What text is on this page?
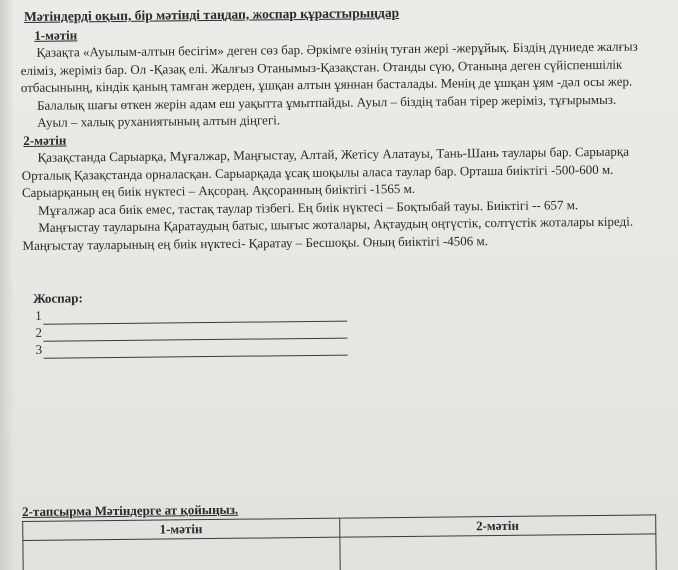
Мәтіндерді оқып, бір мәтінді таңдап, жоспар құрастырыңдар
1-мәтін

Қазақта «Ауылым-алтын бесігім» деген сөз бар. Әркімге өзінің туған жері -жерұйық. Біздің дүниеде жалғыз еліміз, жеріміз бар. Ол -Қазақ елі. Жалғыз Отанымыз-Қазақстан. Отанды сүю, Отаныңа деген сүйіспеншілік отбасынынң, кіндік қаның тамған жерден, ұшқан алтын ұяннан басталады. Менің де ұшқан ұям -дәл осы жер.

Балалық шағы өткен жерін адам еш уақытта ұмытпайды. Ауыл – біздің табан тірер жеріміз, тұғырымыз.

Ауыл – халық руханиятының алтын діңгегі.

2-мәтін

Қазақстанда Сарыарқа, Мұғалжар, Маңғыстау, Алтай, Жетісу Алатауы, Тань-Шань таулары бар. Сарыарқа Орталық Қазақстанда орналасқан. Сарыарқада ұсақ шоқылы аласа таулар бар. Орташа биіктігі -500-600 м. Сарыарқаның ең биік нүктесі – Ақсораң. Ақсоранның биіктігі -1565 м.

Мұғалжар аса биік емес, тастақ таулар тізбегі. Ең биік нүктесі – Боқтыбай тауы. Биіктігі -- 657 м.

Маңғыстау тауларына Қаратаудың батыс, шығыс жоталары, Ақтаудың оңтүстік, солтүстік жоталары кіреді. Маңғыстау тауларының ең биік нүктесі- Қаратау – Бесшоқы. Оның биіктігі -4506 м.

Жоспар:
1
2
3
2-тапсырма Мәтіндерге ат қойыңыз.
1-мәтін	2-мәтін
